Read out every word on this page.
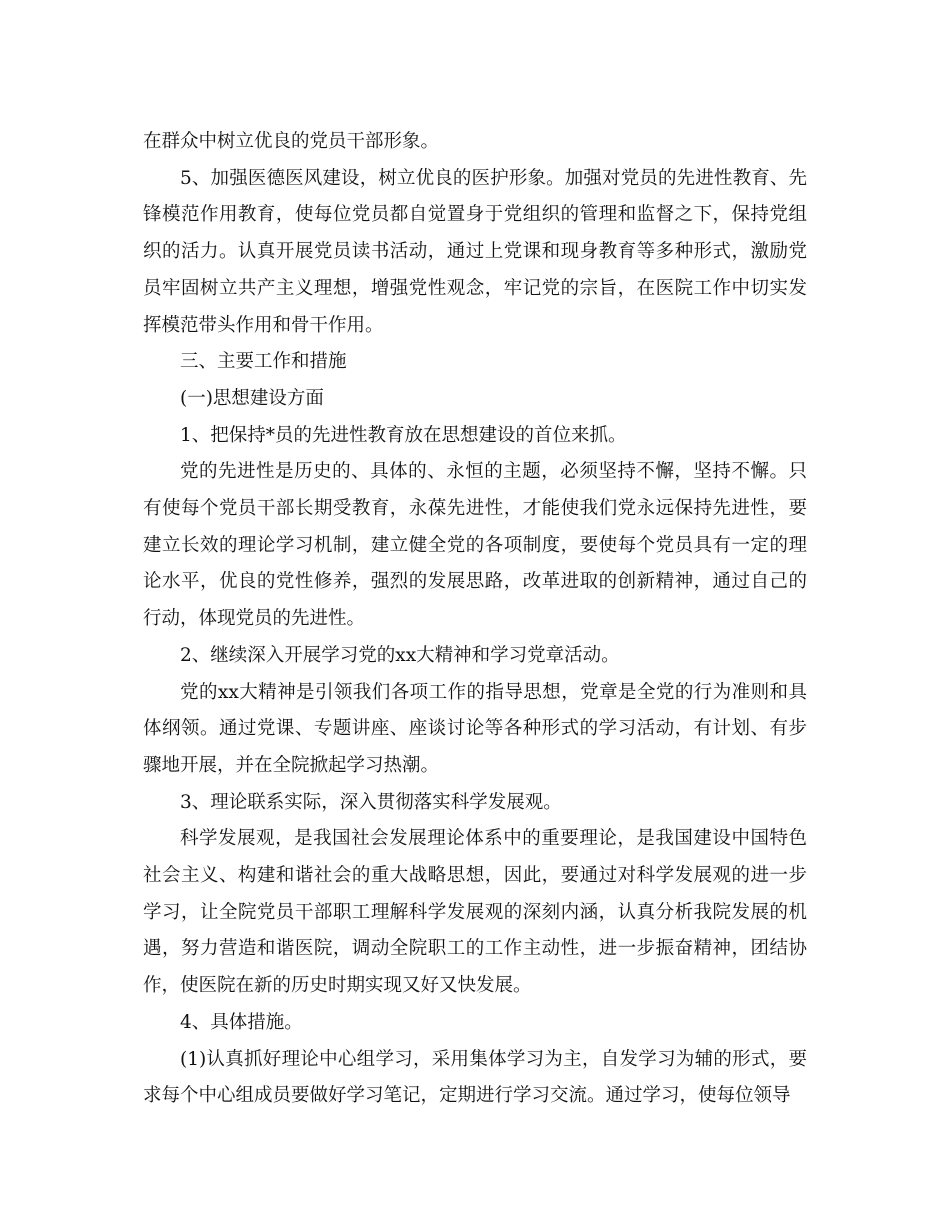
在群众中树立优良的党员干部形象。

5、加强医德医风建设，树立优良的医护形象。加强对党员的先进性教育、先锋模范作用教育，使每位党员都自觉置身于党组织的管理和监督之下，保持党组织的活力。认真开展党员读书活动，通过上党课和现身教育等多种形式，激励党员牢固树立共产主义理想，增强党性观念，牢记党的宗旨，在医院工作中切实发挥模范带头作用和骨干作用。

三、主要工作和措施

(一)思想建设方面

1、把保持*员的先进性教育放在思想建设的首位来抓。

党的先进性是历史的、具体的、永恒的主题，必须坚持不懈，坚持不懈。只有使每个党员干部长期受教育，永葆先进性，才能使我们党永远保持先进性，要建立长效的理论学习机制，建立健全党的各项制度，要使每个党员具有一定的理论水平，优良的党性修养，强烈的发展思路，改革进取的创新精神，通过自己的行动，体现党员的先进性。

2、继续深入开展学习党的xx大精神和学习党章活动。

党的xx大精神是引领我们各项工作的指导思想，党章是全党的行为准则和具体纲领。通过党课、专题讲座、座谈讨论等各种形式的学习活动，有计划、有步骤地开展，并在全院掀起学习热潮。

3、理论联系实际，深入贯彻落实科学发展观。

科学发展观，是我国社会发展理论体系中的重要理论，是我国建设中国特色社会主义、构建和谐社会的重大战略思想，因此，要通过对科学发展观的进一步学习，让全院党员干部职工理解科学发展观的深刻内涵，认真分析我院发展的机遇，努力营造和谐医院，调动全院职工的工作主动性，进一步振奋精神，团结协作，使医院在新的历史时期实现又好又快发展。

4、具体措施。

(1)认真抓好理论中心组学习，采用集体学习为主，自发学习为辅的形式，要求每个中心组成员要做好学习笔记，定期进行学习交流。通过学习，使每位领导
